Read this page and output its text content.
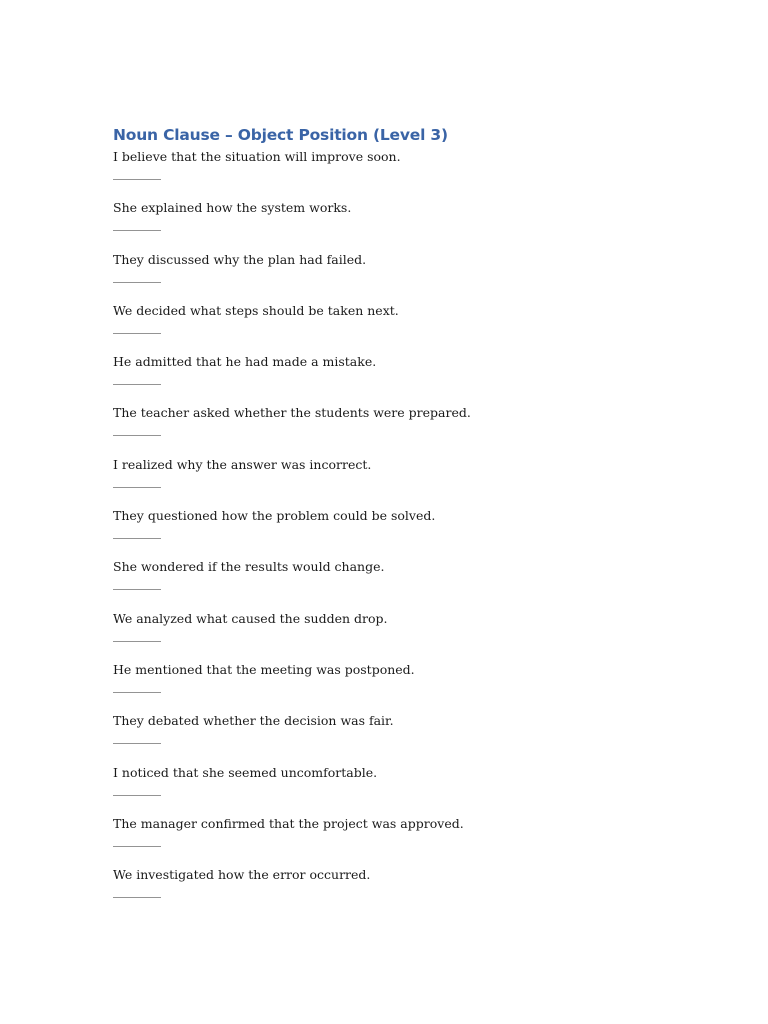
Noun Clause – Object Position (Level 3)
I believe that the situation will improve soon.
________
She explained how the system works.
________
They discussed why the plan had failed.
________
We decided what steps should be taken next.
________
He admitted that he had made a mistake.
________
The teacher asked whether the students were prepared.
________
I realized why the answer was incorrect.
________
They questioned how the problem could be solved.
________
She wondered if the results would change.
________
We analyzed what caused the sudden drop.
________
He mentioned that the meeting was postponed.
________
They debated whether the decision was fair.
________
I noticed that she seemed uncomfortable.
________
The manager confirmed that the project was approved.
________
We investigated how the error occurred.
________
